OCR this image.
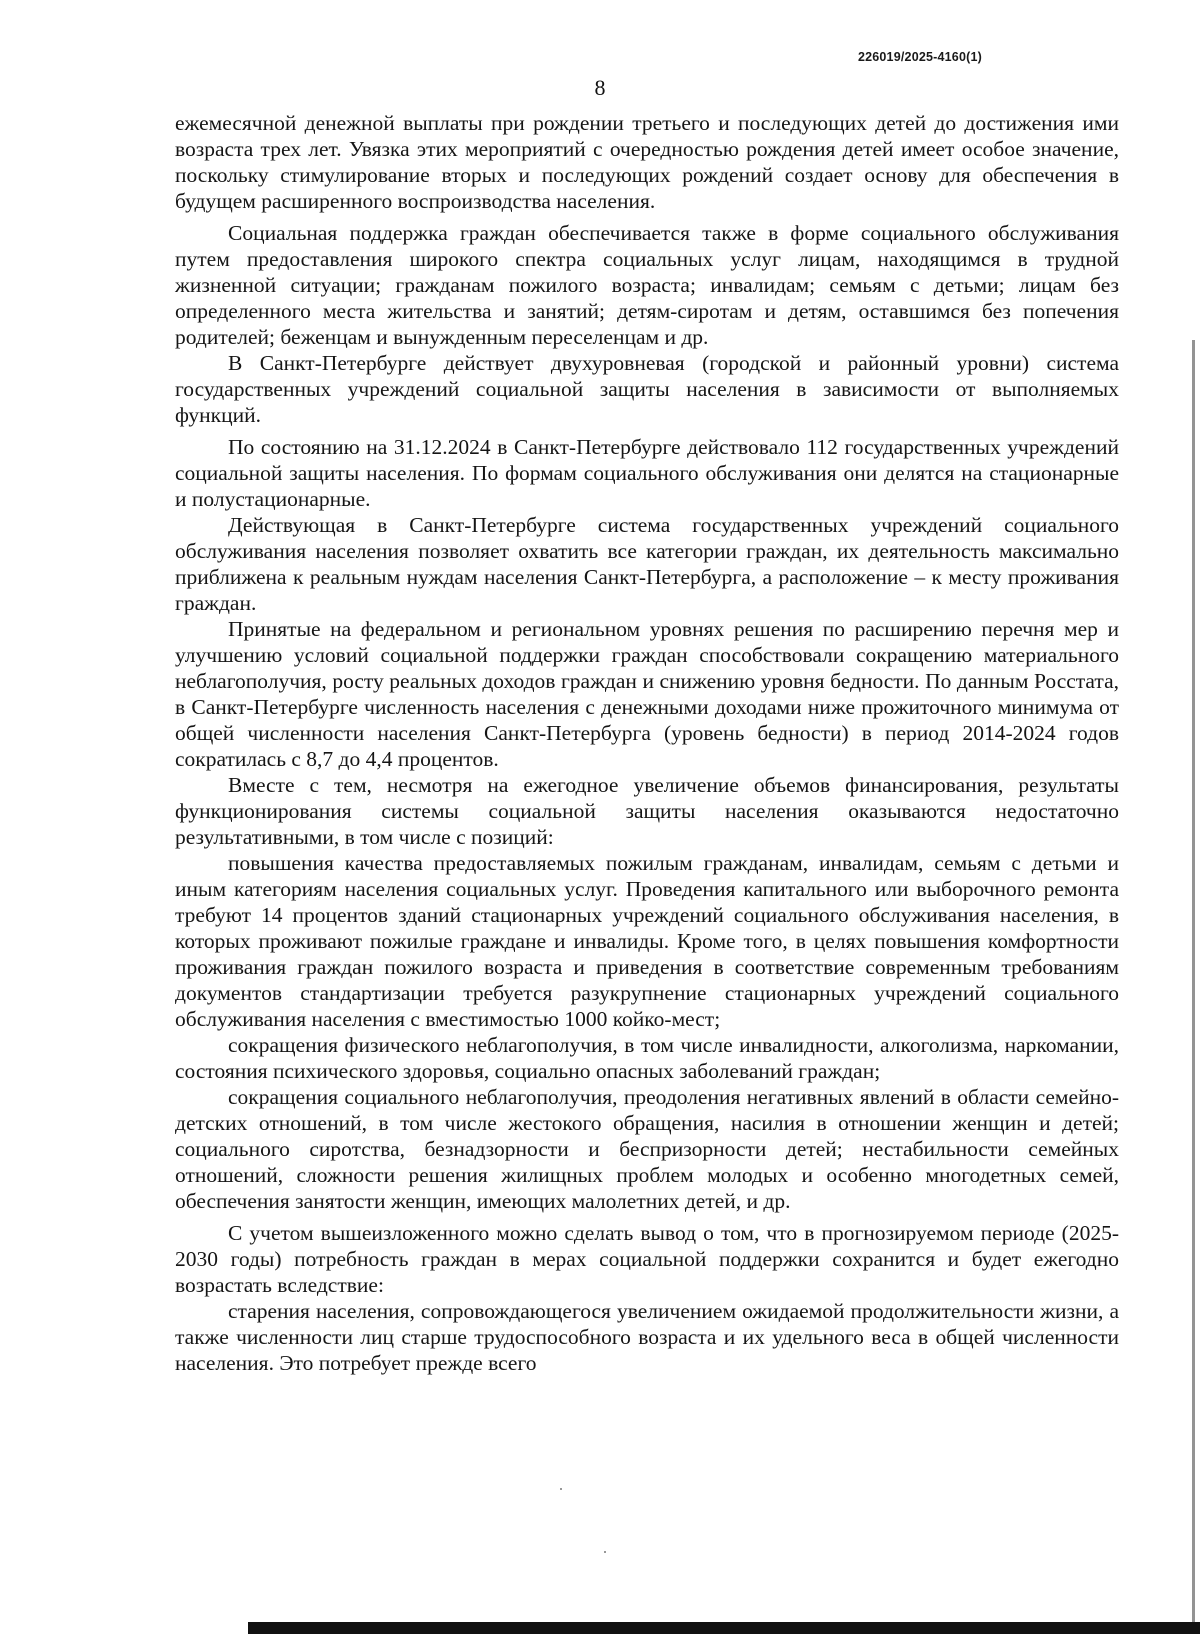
226019/2025-4160(1)
8

ежемесячной денежной выплаты при рождении третьего и последующих детей до достижения ими возраста трех лет. Увязка этих мероприятий с очередностью рождения детей имеет особое значение, поскольку стимулирование вторых и последующих рождений создает основу для обеспечения в будущем расширенного воспроизводства населения.

Социальная поддержка граждан обеспечивается также в форме социального обслуживания путем предоставления широкого спектра социальных услуг лицам, находящимся в трудной жизненной ситуации; гражданам пожилого возраста; инвалидам; семьям с детьми; лицам без определенного места жительства и занятий; детям-сиротам и детям, оставшимся без попечения родителей; беженцам и вынужденным переселенцам и др.

В Санкт-Петербурге действует двухуровневая (городской и районный уровни) система государственных учреждений социальной защиты населения в зависимости от выполняемых функций.

По состоянию на 31.12.2024 в Санкт-Петербурге действовало 112 государственных учреждений социальной защиты населения. По формам социального обслуживания они делятся на стационарные и полустационарные.

Действующая в Санкт-Петербурге система государственных учреждений социального обслуживания населения позволяет охватить все категории граждан, их деятельность максимально приближена к реальным нуждам населения Санкт-Петербурга, а расположение – к месту проживания граждан.

Принятые на федеральном и региональном уровнях решения по расширению перечня мер и улучшению условий социальной поддержки граждан способствовали сокращению материального неблагополучия, росту реальных доходов граждан и снижению уровня бедности. По данным Росстата, в Санкт-Петербурге численность населения с денежными доходами ниже прожиточного минимума от общей численности населения Санкт-Петербурга (уровень бедности) в период 2014-2024 годов сократилась с 8,7 до 4,4 процентов.

Вместе с тем, несмотря на ежегодное увеличение объемов финансирования, результаты функционирования системы социальной защиты населения оказываются недостаточно результативными, в том числе с позиций:

повышения качества предоставляемых пожилым гражданам, инвалидам, семьям с детьми и иным категориям населения социальных услуг. Проведения капитального или выборочного ремонта требуют 14 процентов зданий стационарных учреждений социального обслуживания населения, в которых проживают пожилые граждане и инвалиды. Кроме того, в целях повышения комфортности проживания граждан пожилого возраста и приведения в соответствие современным требованиям документов стандартизации требуется разукрупнение стационарных учреждений социального обслуживания населения с вместимостью 1000 койко-мест;

сокращения физического неблагополучия, в том числе инвалидности, алкоголизма, наркомании, состояния психического здоровья, социально опасных заболеваний граждан;

сокращения социального неблагополучия, преодоления негативных явлений в области семейно-детских отношений, в том числе жестокого обращения, насилия в отношении женщин и детей; социального сиротства, безнадзорности и беспризорности детей; нестабильности семейных отношений, сложности решения жилищных проблем молодых и особенно многодетных семей, обеспечения занятости женщин, имеющих малолетних детей, и др.

С учетом вышеизложенного можно сделать вывод о том, что в прогнозируемом периоде (2025-2030 годы) потребность граждан в мерах социальной поддержки сохранится и будет ежегодно возрастать вследствие:

старения населения, сопровождающегося увеличением ожидаемой продолжительности жизни, а также численности лиц старше трудоспособного возраста и их удельного веса в общей численности населения. Это потребует прежде всего
